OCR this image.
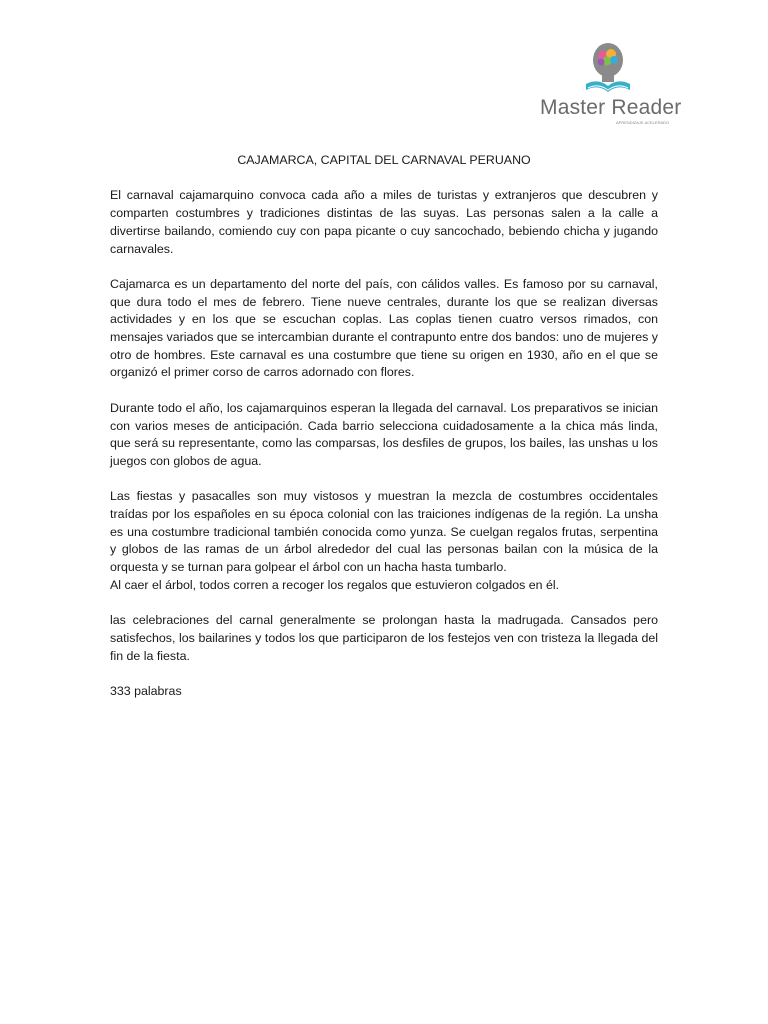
Master Reader
APRENDIZAJE ACELERADO
CAJAMARCA, CAPITAL DEL CARNAVAL PERUANO

El carnaval cajamarquino convoca cada año a miles de turistas y extranjeros que descubren y comparten costumbres y tradiciones distintas de las suyas. Las personas salen a la calle a divertirse bailando, comiendo cuy con papa picante o cuy sancochado, bebiendo chicha y jugando carnavales.

Cajamarca es un departamento del norte del país, con cálidos valles. Es famoso por su carnaval, que dura todo el mes de febrero. Tiene nueve centrales, durante los que se realizan diversas actividades y en los que se escuchan coplas. Las coplas tienen cuatro versos rimados, con mensajes variados que se intercambian durante el contrapunto entre dos bandos: uno de mujeres y otro de hombres. Este carnaval es una costumbre que tiene su origen en 1930, año en el que se organizó el primer corso de carros adornado con flores.

Durante todo el año, los cajamarquinos esperan la llegada del carnaval. Los preparativos se inician con varios meses de anticipación. Cada barrio selecciona cuidadosamente a la chica más linda, que será su representante, como las comparsas, los desfiles de grupos, los bailes, las unshas u los juegos con globos de agua.

Las fiestas y pasacalles son muy vistosos y muestran la mezcla de costumbres occidentales traídas por los españoles en su época colonial con las traiciones indígenas de la región. La unsha es una costumbre tradicional también conocida como yunza. Se cuelgan regalos frutas, serpentina y globos de las ramas de un árbol alrededor del cual las personas bailan con la música de la orquesta y se turnan para golpear el árbol con un hacha hasta tumbarlo.
Al caer el árbol, todos corren a recoger los regalos que estuvieron colgados en él.

las celebraciones del carnal generalmente se prolongan hasta la madrugada. Cansados pero satisfechos, los bailarines y todos los que participaron de los festejos ven con tristeza la llegada del fin de la fiesta.

333 palabras
